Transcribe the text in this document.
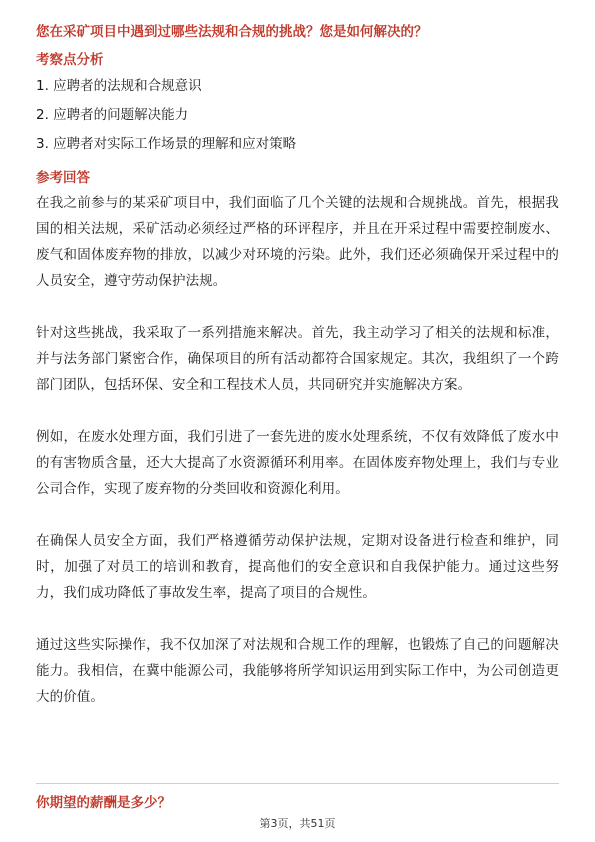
您在采矿项目中遇到过哪些法规和合规的挑战？您是如何解决的？
考察点分析
1. 应聘者的法规和合规意识
2. 应聘者的问题解决能力
3. 应聘者对实际工作场景的理解和应对策略
参考回答

在我之前参与的某采矿项目中，我们面临了几个关键的法规和合规挑战。首先，根据我国的相关法规，采矿活动必须经过严格的环评程序，并且在开采过程中需要控制废水、废气和固体废弃物的排放，以减少对环境的污染。此外，我们还必须确保开采过程中的人员安全，遵守劳动保护法规。

针对这些挑战，我采取了一系列措施来解决。首先，我主动学习了相关的法规和标准，并与法务部门紧密合作，确保项目的所有活动都符合国家规定。其次，我组织了一个跨部门团队，包括环保、安全和工程技术人员，共同研究并实施解决方案。

例如，在废水处理方面，我们引进了一套先进的废水处理系统，不仅有效降低了废水中的有害物质含量，还大大提高了水资源循环利用率。在固体废弃物处理上，我们与专业公司合作，实现了废弃物的分类回收和资源化利用。

在确保人员安全方面，我们严格遵循劳动保护法规，定期对设备进行检查和维护，同时，加强了对员工的培训和教育，提高他们的安全意识和自我保护能力。通过这些努力，我们成功降低了事故发生率，提高了项目的合规性。

通过这些实际操作，我不仅加深了对法规和合规工作的理解，也锻炼了自己的问题解决能力。我相信，在冀中能源公司，我能够将所学知识运用到实际工作中，为公司创造更大的价值。

你期望的薪酬是多少？
第3页，共51页
